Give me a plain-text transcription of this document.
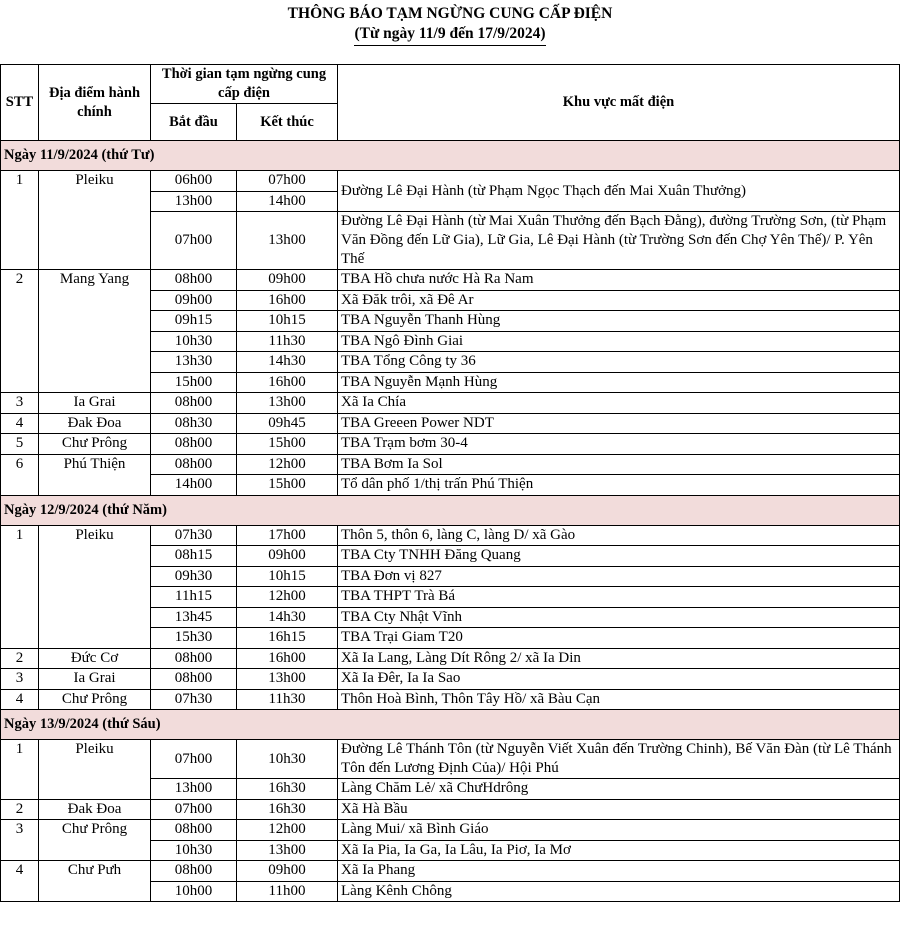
THÔNG BÁO TẠM NGỪNG CUNG CẤP ĐIỆN
(Từ ngày 11/9 đến 17/9/2024)
STT	Địa điểm hành chính	Thời gian tạm ngừng cung cấp điện		Khu vực mất điện
		Bắt đầu	Kết thúc	
Ngày 11/9/2024 (thứ Tư)				
1	Pleiku	06h00	07h00	Đường Lê Đại Hành (từ Phạm Ngọc Thạch đến Mai Xuân Thưởng)
		13h00	14h00	
		07h00	13h00	Đường Lê Đại Hành (từ Mai Xuân Thưởng đến Bạch Đằng), đường Trường Sơn, (từ Phạm Văn Đồng đến Lữ Gia), Lữ Gia, Lê Đại Hành (từ Trường Sơn đến Chợ Yên Thế)/ P. Yên Thế
2	Mang Yang	08h00	09h00	TBA Hồ chưa nước Hà Ra Nam
		09h00	16h00	Xã Đăk trôi, xã Đê Ar
		09h15	10h15	TBA Nguyễn Thanh Hùng
		10h30	11h30	TBA Ngô Đình Giai
		13h30	14h30	TBA Tổng Công ty 36
		15h00	16h00	TBA Nguyễn Mạnh Hùng
3	Ia Grai	08h00	13h00	Xã Ia Chía
4	Đak Đoa	08h30	09h45	TBA Greeen Power NDT
5	Chư Prông	08h00	15h00	TBA Trạm bơm 30-4
6	Phú Thiện	08h00	12h00	TBA Bơm Ia Sol
		14h00	15h00	Tổ dân phố 1/thị trấn Phú Thiện
Ngày 12/9/2024 (thứ Năm)				
1	Pleiku	07h30	17h00	Thôn 5, thôn 6, làng C, làng D/ xã Gào
		08h15	09h00	TBA Cty TNHH Đăng Quang
		09h30	10h15	TBA Đơn vị 827
		11h15	12h00	TBA THPT Trà Bá
		13h45	14h30	TBA Cty Nhật Vĩnh
		15h30	16h15	TBA Trại Giam T20
2	Đức Cơ	08h00	16h00	Xã Ia Lang, Làng Dít Rông 2/ xã Ia Din
3	Ia Grai	08h00	13h00	Xã Ia Đêr, Ia Ia Sao
4	Chư Prông	07h30	11h30	Thôn Hoà Bình, Thôn Tây Hồ/ xã Bàu Cạn
Ngày 13/9/2024 (thứ Sáu)				
1	Pleiku	07h00	10h30	Đường Lê Thánh Tôn (từ Nguyễn Viết Xuân đến Trường Chinh), Bế Văn Đàn (từ Lê Thánh Tôn đến Lương Định Của)/ Hội Phú
		13h00	16h30	Làng Chăm Lẻ/ xã ChưHdrông
2	Đak Đoa	07h00	16h30	Xã Hà Bầu
3	Chư Prông	08h00	12h00	Làng Mui/ xã Bình Giáo
		10h30	13h00	Xã Ia Pia, Ia Ga, Ia Lâu, Ia Piơ, Ia Mơ
4	Chư Pưh	08h00	09h00	Xã Ia Phang
		10h00	11h00	Làng Kênh Chông
